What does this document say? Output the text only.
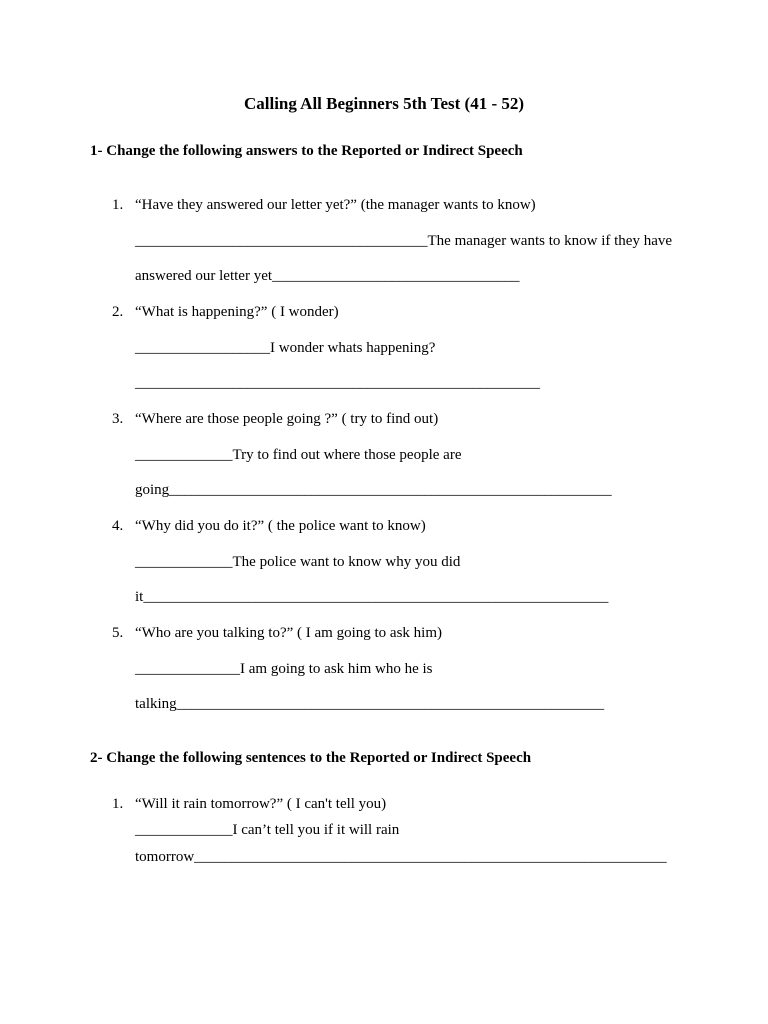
Calling All Beginners 5th Test (41 - 52)
1- Change the following answers to the Reported or Indirect Speech
1. “Have they answered our letter yet?” (the manager wants to know)
_______________________________________The manager wants to know if they have
answered our letter yet_________________________________
2. “What is happening?” ( I wonder)
__________________I wonder whats happening?
______________________________________________________
3. “Where are those people going ?” ( try to find out)
_____________Try to find out where those people are
going___________________________________________________________
4. “Why did you do it?” ( the police want to know)
_____________The police want to know why you did
it______________________________________________________________
5. “Who are you talking to?” ( I am going to ask him)
______________I am going to ask him who he is
talking_________________________________________________________
2- Change the following sentences to the Reported or Indirect Speech
1. “Will it rain tomorrow?” ( I can't tell you)
_____________I can’t tell you if it will rain
tomorrow_______________________________________________________________
